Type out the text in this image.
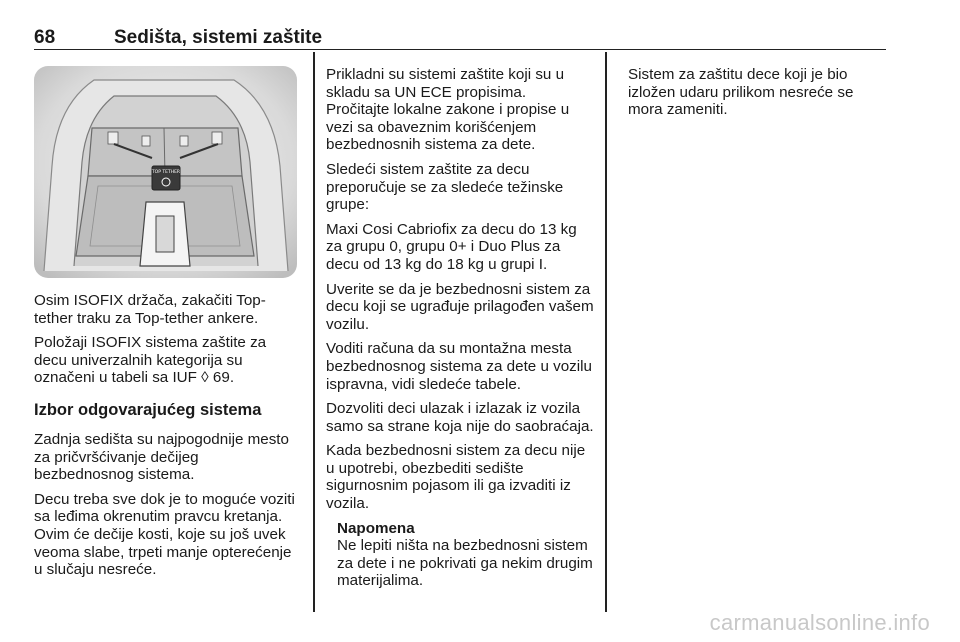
68	Sedišta, sistemi zaštite
TOP TETHER

Osim ISOFIX držača, zakačiti Top-tether traku za Top-tether ankere.

Položaji ISOFIX sistema zaštite za decu univerzalnih kategorija su označeni u tabeli sa IUF ◊ 69.

Izbor odgovarajućeg sistema

Zadnja sedišta su najpogodnije mesto za pričvršćivanje dečijeg bezbednosnog sistema.

Decu treba sve dok je to moguće voziti sa leđima okrenutim pravcu kretanja. Ovim će dečije kosti, koje su još uvek veoma slabe, trpeti manje opterećenje u slučaju nesreće.

Prikladni su sistemi zaštite koji su u skladu sa UN ECE propisima.

Pročitajte lokalne zakone i propise u vezi sa obaveznim korišćenjem bezbednosnih sistema za dete.

Sledeći sistem zaštite za decu preporučuje se za sledeće težinske grupe:

Maxi Cosi Cabriofix za decu do 13 kg za grupu 0, grupu 0+ i Duo Plus za decu od 13 kg do 18 kg u grupi I.

Uverite se da je bezbednosni sistem za decu koji se ugrađuje prilagođen vašem vozilu.

Voditi računa da su montažna mesta bezbednosnog sistema za dete u vozilu ispravna, vidi sledeće tabele.

Dozvoliti deci ulazak i izlazak iz vozila samo sa strane koja nije do saobraćaja.

Kada bezbednosni sistem za decu nije u upotrebi, obezbediti sedište sigurnosnim pojasom ili ga izvaditi iz vozila.

Napomena
Ne lepiti ništa na bezbednosni sistem za dete i ne pokrivati ga nekim drugim materijalima.

Sistem za zaštitu dece koji je bio izložen udaru prilikom nesreće se mora zameniti.

carmanualsonline.info
